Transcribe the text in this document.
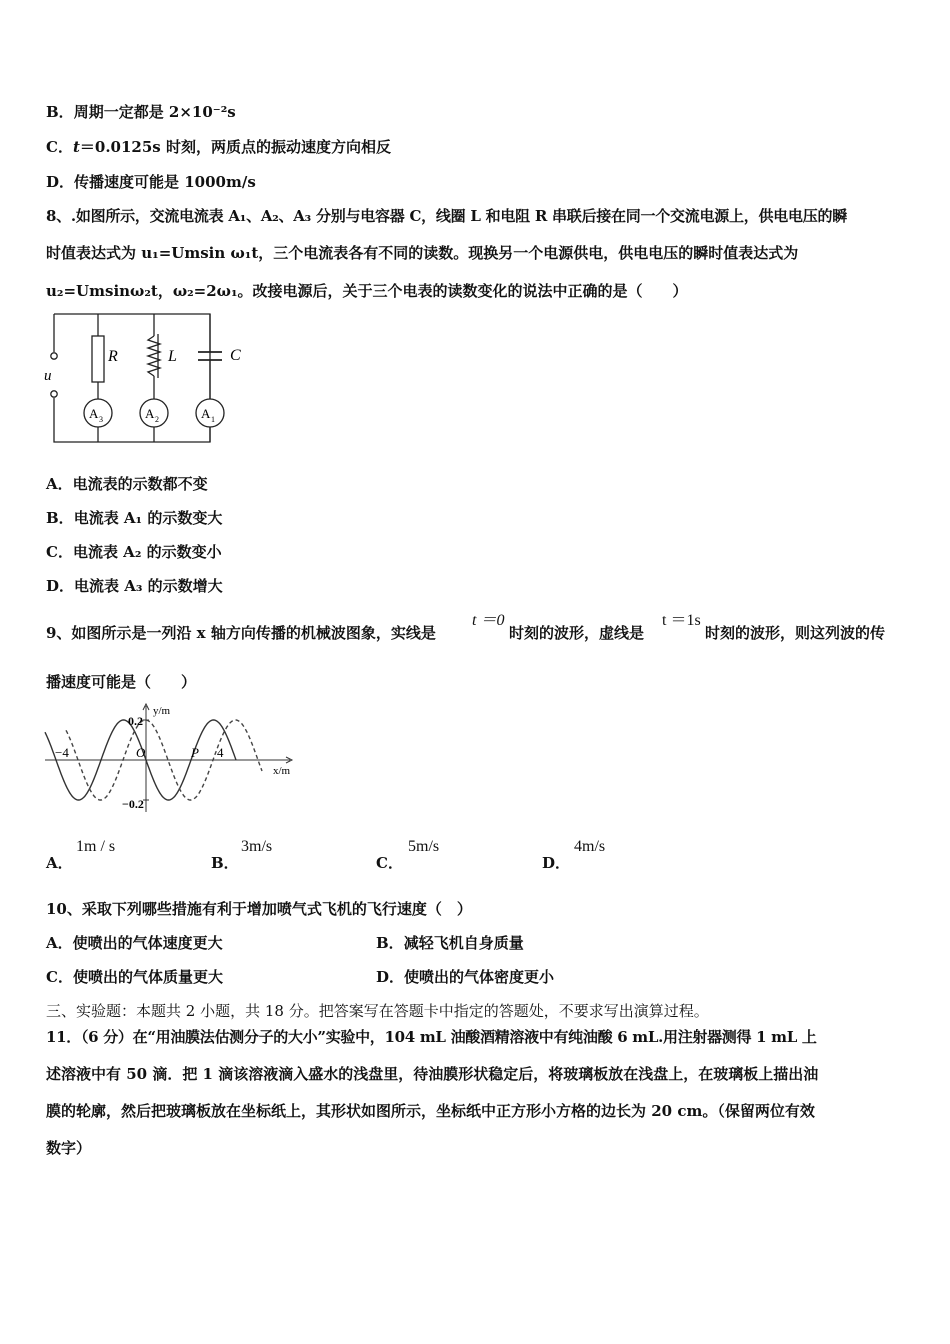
B．周期一定都是 2×10⁻²s
C．t＝0.0125s 时刻，两质点的振动速度方向相反
D．传播速度可能是 1000m/s
8、.如图所示，交流电流表 A₁、A₂、A₃ 分别与电容器 C，线圈 L 和电阻 R 串联后接在同一个交流电源上，供电电压的瞬
时值表达式为 u₁=Umsin ω₁t，三个电流表各有不同的读数。现换另一个电源供电，供电电压的瞬时值表达式为
u₂=Umsinω₂t，ω₂=2ω₁。改接电源后，关于三个电表的读数变化的说法中正确的是（　　）
R	L	C
u
A 3	A 2	A 1
A．电流表的示数都不变
B．电流表 A₁ 的示数变大
C．电流表 A₂ 的示数变小
D．电流表 A₃ 的示数增大
9、如图所示是一列沿 x 轴方向传播的机械波图象，实线是
t ＝0
时刻的波形，虚线是
t ＝1s
时刻的波形，则这列波的传
播速度可能是（　　）
y/m
x/m
0.2
−0.2
O	P
−4	4
A．
1m / s
B．
3m/s
C．
5m/s
D．
4m/s
10、采取下列哪些措施有利于增加喷气式飞机的飞行速度（　）
A．使喷出的气体速度更大	B．减轻飞机自身质量
C．使喷出的气体质量更大	D．使喷出的气体密度更小
三、实验题：本题共 2 小题，共 18 分。把答案写在答题卡中指定的答题处，不要求写出演算过程。
11．（6 分）在“用油膜法估测分子的大小”实验中，104 mL 油酸酒精溶液中有纯油酸 6 mL.用注射器测得 1 mL 上
述溶液中有 50 滴．把 1 滴该溶液滴入盛水的浅盘里，待油膜形状稳定后，将玻璃板放在浅盘上，在玻璃板上描出油
膜的轮廓，然后把玻璃板放在坐标纸上，其形状如图所示，坐标纸中正方形小方格的边长为 20 cm。（保留两位有效
数字）
